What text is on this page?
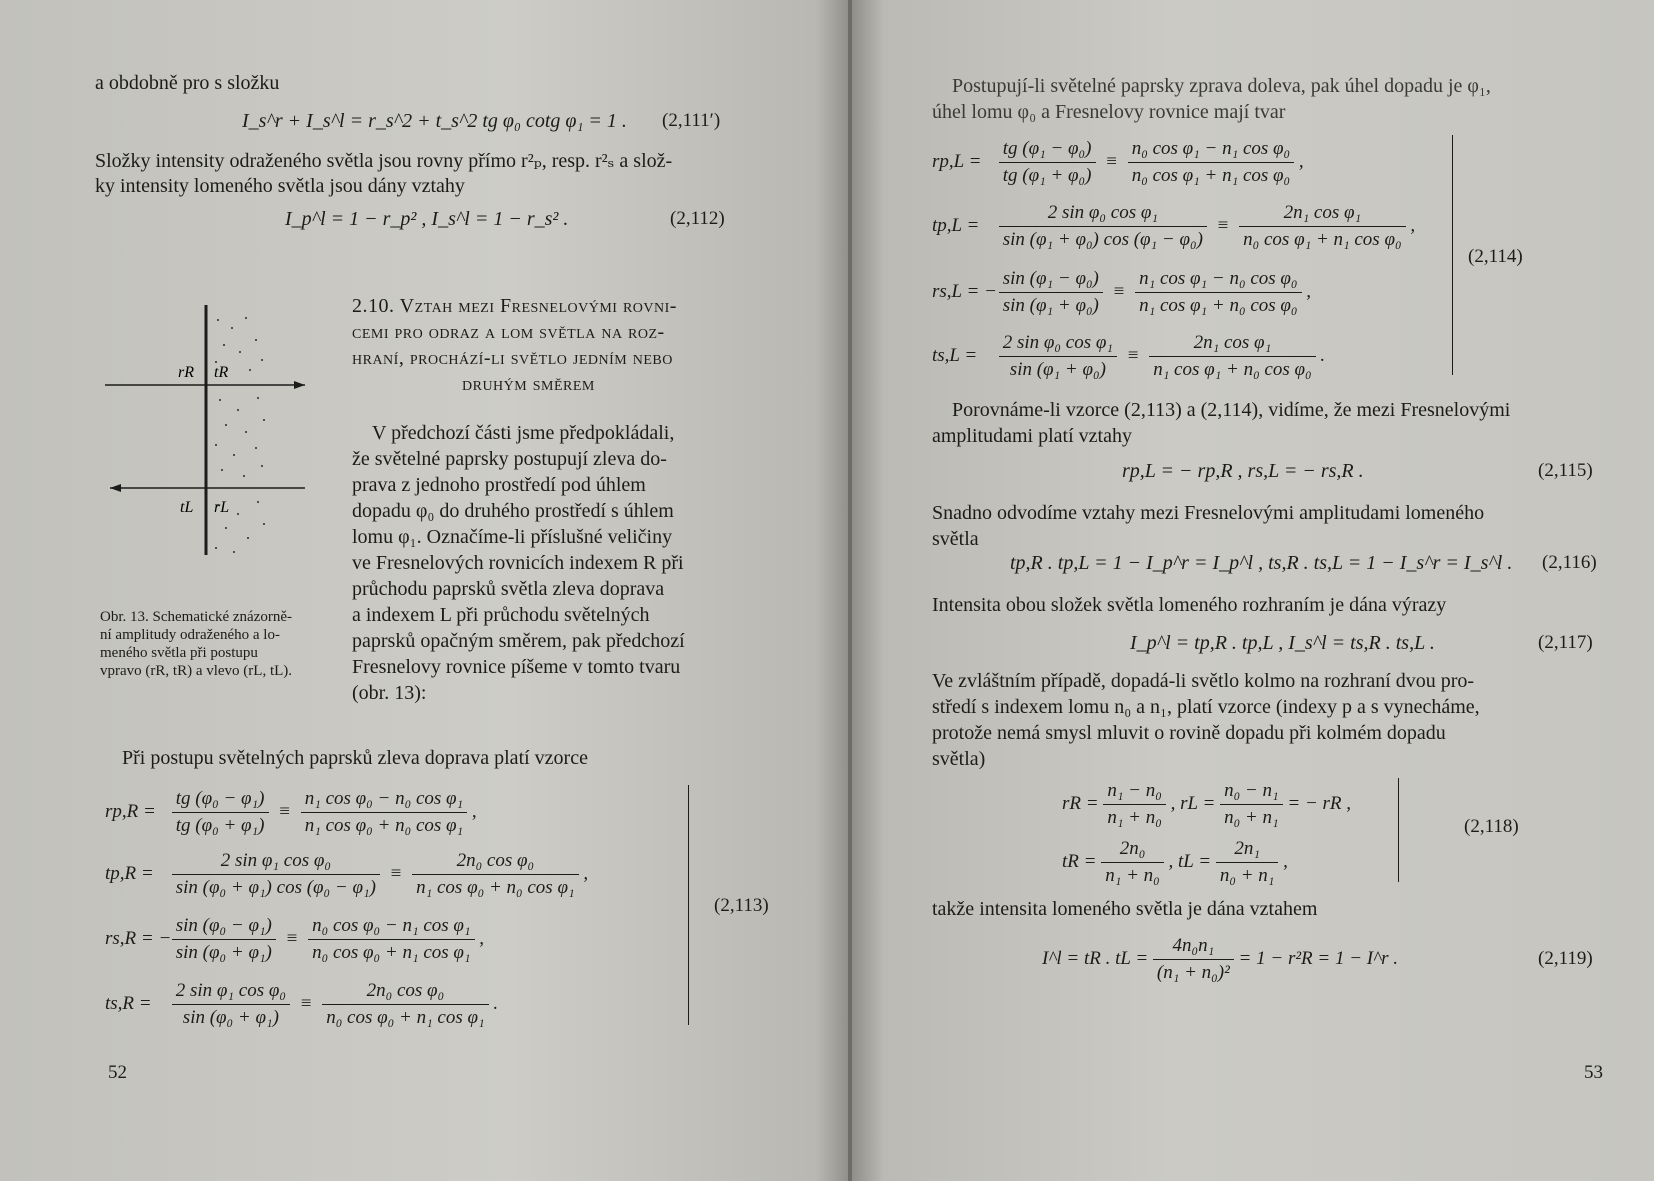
a obdobně pro s složku
I_s^r + I_s^l = r_s^2 + t_s^2 tg φ₀ cotg φ₁ = 1 . (2,111′)
Složky intensity odraženého světla jsou rovny přímo r²ₚ, resp. r²ₛ a slož-
ky intensity lomeného světla jsou dány vztahy
I_p^l = 1 − r_p² , I_s^l = 1 − r_s² .	(2,112)
2.10. Vztah mezi Fresnelovými rovni-
cemi pro odraz a lom světla na roz-
hraní, prochází-li světlo jedním nebo
druhým směrem
V předchozí části jsme předpokládali,
že světelné paprsky postupují zleva do-
prava z jednoho prostředí pod úhlem
dopadu φ₀ do druhého prostředí s úhlem
lomu φ₁. Označíme-li příslušné veličiny
ve Fresnelových rovnicích indexem R při
průchodu paprsků světla zleva doprava
a indexem L při průchodu světelných
paprsků opačným směrem, pak předchozí
Fresnelovy rovnice píšeme v tomto tvaru
(obr. 13):
rR tR
tL rL
Obr. 13. Schematické znázorně-
ní amplitudy odraženého a lo-
meného světla při postupu
vpravo (rR, tR) a vlevo (rL, tL).
Při postupu světelných paprsků zleva doprava platí vzorce
$rp,R = \frac{\text{tg (φ₀ − φ₁)}}{\text{tg (φ₀ + φ₁)}} \equiv \frac{\text{n₁ cos φ₀ − n₀ cos φ₁}}{\text{n₁ cos φ₀ + n₀ cos φ₁}}$ ,
$tp,R = \frac{\text{2 sin φ₁ cos φ₀}}{\text{sin (φ₀ + φ₁) cos (φ₀ − φ₁)}} \equiv \frac{\text{2n₀ cos φ₀}}{\text{n₁ cos φ₀ + n₀ cos φ₁}}$ ,
rs,R = − $\frac{\text{sin (φ₀ − φ₁)}}{\text{sin (φ₀ + φ₁)}} \equiv \frac{\text{n₀ cos φ₀ − n₁ cos φ₁}}{\text{n₀ cos φ₀ + n₁ cos φ₁}}$ ,
$ts,R = \frac{\text{2 sin φ₁ cos φ₀}}{\text{sin (φ₀ + φ₁)}} \equiv \frac{\text{2n₀ cos φ₀}}{\text{n₀ cos φ₀ + n₁ cos φ₁}}$ .
(2,113)
52
Postupují-li světelné paprsky zprava doleva, pak úhel dopadu je φ₁,
úhel lomu φ₀ a Fresnelovy rovnice mají tvar
$rp,L = \frac{\text{tg (φ₁ − φ₀)}}{\text{tg (φ₁ + φ₀)}} \equiv \frac{\text{n₀ cos φ₁ − n₁ cos φ₀}}{\text{n₀ cos φ₁ + n₁ cos φ₀}}$ ,
$tp,L = \frac{\text{2 sin φ₀ cos φ₁}}{\text{sin (φ₁ + φ₀) cos (φ₁ − φ₀)}} \equiv \frac{\text{2n₁ cos φ₁}}{\text{n₀ cos φ₁ + n₁ cos φ₀}}$ ,
rs,L = − $\frac{\text{sin (φ₁ − φ₀)}}{\text{sin (φ₁ + φ₀)}} \equiv \frac{\text{n₁ cos φ₁ − n₀ cos φ₀}}{\text{n₁ cos φ₁ + n₀ cos φ₀}}$ ,
$ts,L = \frac{\text{2 sin φ₀ cos φ₁}}{\text{sin (φ₁ + φ₀)}} \equiv \frac{\text{2n₁ cos φ₁}}{\text{n₁ cos φ₁ + n₀ cos φ₀}}$ .
(2,114)
Porovnáme-li vzorce (2,113) a (2,114), vidíme, že mezi Fresnelovými
amplitudami platí vztahy
rp,L = − rp,R , rs,L = − rs,R .	(2,115)
Snadno odvodíme vztahy mezi Fresnelovými amplitudami lomeného
světla
tp,R . tp,L = 1 − I_p^r = I_p^l , ts,R . ts,L = 1 − I_s^r = I_s^l . (2,116)
Intensita obou složek světla lomeného rozhraním je dána výrazy
I_p^l = tp,R . tp,L , I_s^l = ts,R . ts,L .	(2,117)
Ve zvláštním případě, dopadá-li světlo kolmo na rozhraní dvou pro-
středí s indexem lomu n₀ a n₁, platí vzorce (indexy p a s vynecháme,
protože nemá smysl mluvit o rovině dopadu při kolmém dopadu
světla)
rR = $\frac{\text{n₁ − n₀}}{\text{n₁ + n₀}}$ , rL = $\frac{\text{n₀ − n₁}}{\text{n₀ + n₁}}$ = − rR ,
tR = $\frac{\text{2n₀}}{\text{n₁ + n₀}}$ , tL = $\frac{\text{2n₁}}{\text{n₀ + n₁}}$ ,
(2,118)
takže intensita lomeného světla je dána vztahem
I^l = tR . tL = $\frac{\text{4n₀n₁}}{\text{(n₁ + n₀)²}} = 1 - r^2R = 1$ − I^r .	(2,119)
53
